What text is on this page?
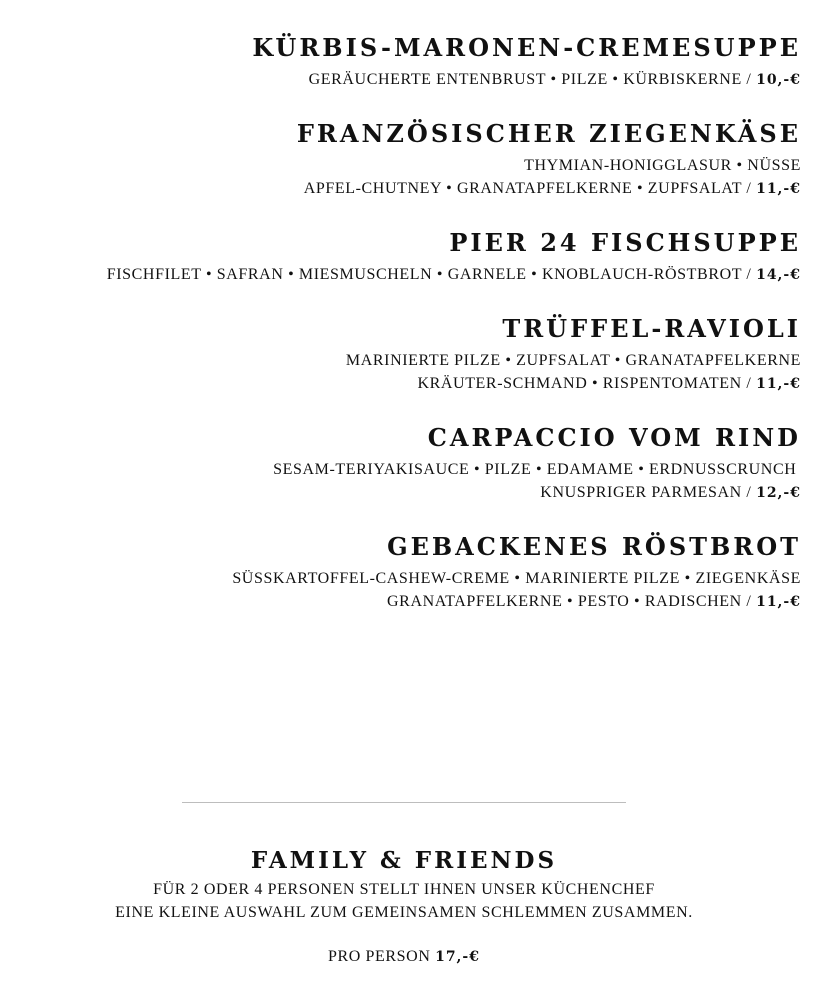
KÜRBIS-MARONEN-CREMESUPPE
GERÄUCHERTE ENTENBRUST • PILZE • KÜRBISKERNE / 10,-€
FRANZÖSISCHER ZIEGENKÄSE
THYMIAN-HONIGGLASUR • NÜSSE
APFEL-CHUTNEY • GRANATAPFELKERNE • ZUPFSALAT / 11,-€
PIER 24 FISCHSUPPE
FISCHFILET • SAFRAN • MIESMUSCHELN • GARNELE • KNOBLAUCH-RÖSTBROT / 14,-€
TRÜFFEL-RAVIOLI
MARINIERTE PILZE • ZUPFSALAT • GRANATAPFELKERNE
KRÄUTER-SCHMAND • RISPENTOMATEN / 11,-€
CARPACCIO VOM RIND
SESAM-TERIYAKISAUCE • PILZE • EDAMAME • ERDNUSSCRUNCH
KNUSPRIGER PARMESAN / 12,-€
GEBACKENES RÖSTBROT
SÜSSKARTOFFEL-CASHEW-CREME • MARINIERTE PILZE • ZIEGENKÄSE
GRANATAPFELKERNE • PESTO • RADISCHEN / 11,-€
FAMILY & FRIENDS
FÜR 2 ODER 4 PERSONEN STELLT IHNEN UNSER KÜCHENCHEF
EINE KLEINE AUSWAHL ZUM GEMEINSAMEN SCHLEMMEN ZUSAMMEN.
PRO PERSON 17,-€
